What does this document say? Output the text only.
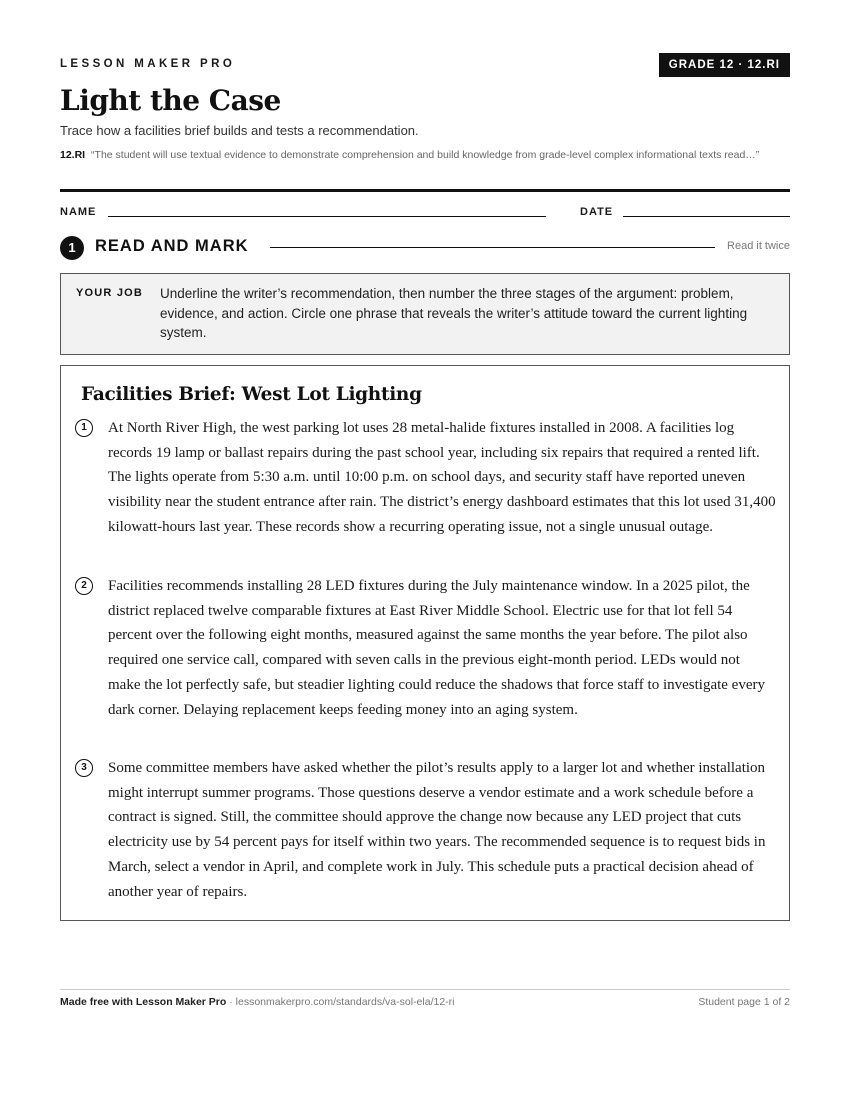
LESSON MAKER PRO	GRADE 12 · 12.RI
Light the Case
Trace how a facilities brief builds and tests a recommendation.
12.RI “The student will use textual evidence to demonstrate comprehension and build knowledge from grade-level complex informational texts read…”
NAME	DATE
1	READ AND MARK	Read it twice
YOUR JOB Underline the writer’s recommendation, then number the three stages of the argument: problem, evidence, and action. Circle one phrase that reveals the writer’s attitude toward the current lighting system.
Facilities Brief: West Lot Lighting
1	At North River High, the west parking lot uses 28 metal-halide fixtures installed in 2008. A facilities log records 19 lamp or ballast repairs during the past school year, including six repairs that required a rented lift. The lights operate from 5:30 a.m. until 10:00 p.m. on school days, and security staff have reported uneven visibility near the student entrance after rain. The district’s energy dashboard estimates that this lot used 31,400 kilowatt-hours last year. These records show a recurring operating issue, not a single unusual outage.

2	Facilities recommends installing 28 LED fixtures during the July maintenance window. In a 2025 pilot, the district replaced twelve comparable fixtures at East River Middle School. Electric use for that lot fell 54 percent over the following eight months, measured against the same months the year before. The pilot also required one service call, compared with seven calls in the previous eight-month period. LEDs would not make the lot perfectly safe, but steadier lighting could reduce the shadows that force staff to investigate every dark corner. Delaying replacement keeps feeding money into an aging system.

3	Some committee members have asked whether the pilot’s results apply to a larger lot and whether installation might interrupt summer programs. Those questions deserve a vendor estimate and a work schedule before a contract is signed. Still, the committee should approve the change now because any LED project that cuts electricity use by 54 percent pays for itself within two years. The recommended sequence is to request bids in March, select a vendor in April, and complete work in July. This schedule puts a practical decision ahead of another year of repairs.

Made free with Lesson Maker Pro · lessonmakerpro.com/standards/va-sol-ela/12-ri	Student page 1 of 2
